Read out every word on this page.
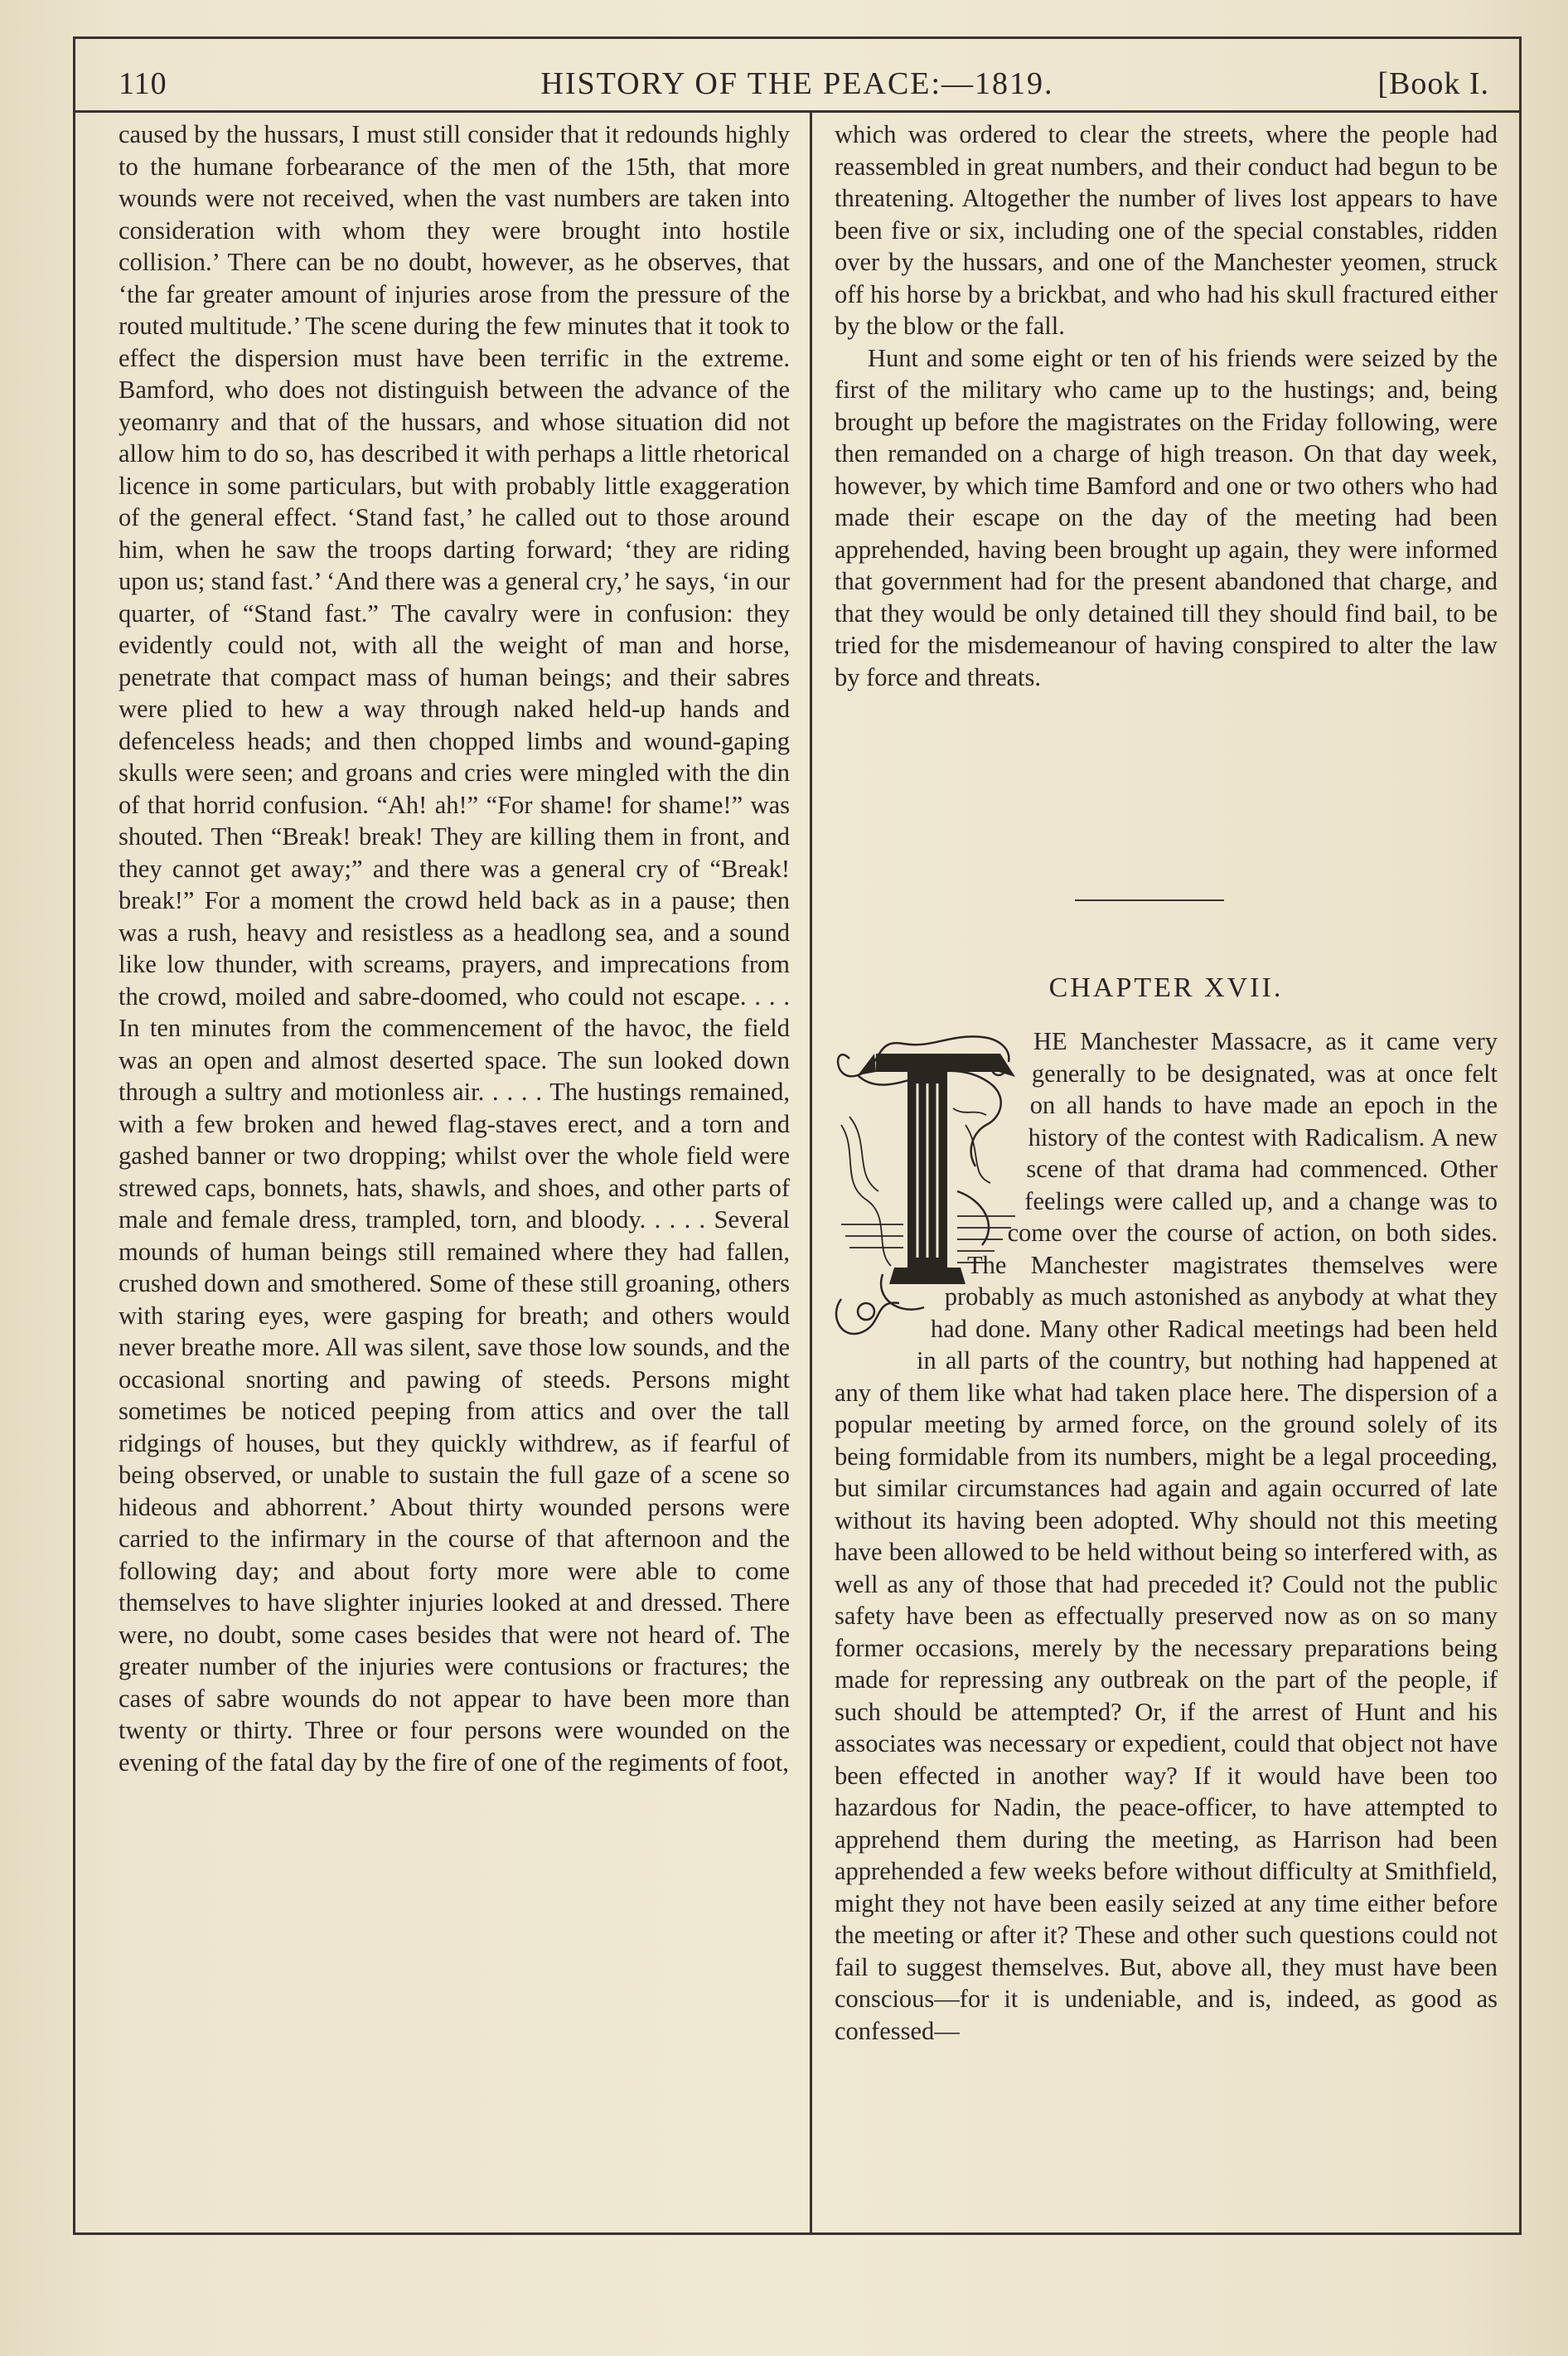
110	HISTORY OF THE PEACE:—1819.	[Book I.

caused by the hussars, I must still consider that it redounds highly to the humane forbearance of the men of the 15th, that more wounds were not received, when the vast numbers are taken into consideration with whom they were brought into hostile collision.’ There can be no doubt, however, as he observes, that ‘the far greater amount of injuries arose from the pressure of the routed multitude.’ The scene during the few minutes that it took to effect the dispersion must have been terrific in the extreme. Bamford, who does not distinguish between the advance of the yeomanry and that of the hussars, and whose situation did not allow him to do so, has described it with perhaps a little rhetorical licence in some particulars, but with probably little exaggeration of the general effect. ‘Stand fast,’ he called out to those around him, when he saw the troops darting forward; ‘they are riding upon us; stand fast.’ ‘And there was a general cry,’ he says, ‘in our quarter, of “Stand fast.” The cavalry were in confusion: they evidently could not, with all the weight of man and horse, penetrate that compact mass of human beings; and their sabres were plied to hew a way through naked held-up hands and defenceless heads; and then chopped limbs and wound-gaping skulls were seen; and groans and cries were mingled with the din of that horrid confusion. “Ah! ah!” “For shame! for shame!” was shouted. Then “Break! break! They are killing them in front, and they cannot get away;” and there was a general cry of “Break! break!” For a moment the crowd held back as in a pause; then was a rush, heavy and resistless as a headlong sea, and a sound like low thunder, with screams, prayers, and imprecations from the crowd, moiled and sabre-doomed, who could not escape. . . . In ten minutes from the commencement of the havoc, the field was an open and almost deserted space. The sun looked down through a sultry and motionless air. . . . . The hustings remained, with a few broken and hewed flag-staves erect, and a torn and gashed banner or two dropping; whilst over the whole field were strewed caps, bonnets, hats, shawls, and shoes, and other parts of male and female dress, trampled, torn, and bloody. . . . . Several mounds of human beings still remained where they had fallen, crushed down and smothered. Some of these still groaning, others with staring eyes, were gasping for breath; and others would never breathe more. All was silent, save those low sounds, and the occasional snorting and pawing of steeds. Persons might sometimes be noticed peeping from attics and over the tall ridgings of houses, but they quickly withdrew, as if fearful of being observed, or unable to sustain the full gaze of a scene so hideous and abhorrent.’ About thirty wounded persons were carried to the infirmary in the course of that afternoon and the following day; and about forty more were able to come themselves to have slighter injuries looked at and dressed. There were, no doubt, some cases besides that were not heard of. The greater number of the injuries were contusions or fractures; the cases of sabre wounds do not appear to have been more than twenty or thirty. Three or four persons were wounded on the evening of the fatal day by the fire of one of the regiments of foot,

which was ordered to clear the streets, where the people had reassembled in great numbers, and their conduct had begun to be threatening. Altogether the number of lives lost appears to have been five or six, including one of the special constables, ridden over by the hussars, and one of the Manchester yeomen, struck off his horse by a brickbat, and who had his skull fractured either by the blow or the fall.

Hunt and some eight or ten of his friends were seized by the first of the military who came up to the hustings; and, being brought up before the magistrates on the Friday following, were then remanded on a charge of high treason. On that day week, however, by which time Bamford and one or two others who had made their escape on the day of the meeting had been apprehended, having been brought up again, they were informed that government had for the present abandoned that charge, and that they would be only detained till they should find bail, to be tried for the misdemeanour of having conspired to alter the law by force and threats.

CHAPTER XVII.

HE Manchester Massacre, as it came very generally to be designated, was at once felt on all hands to have made an epoch in the history of the contest with Radicalism. A new scene of that drama had commenced. Other feelings were called up, and a change was to come over the course of action, on both sides. The Manchester magistrates themselves were probably as much astonished as anybody at what they had done. Many other Radical meetings had been held in all parts of the country, but nothing had happened at any of them like what had taken place here. The dispersion of a popular meeting by armed force, on the ground solely of its being formidable from its numbers, might be a legal proceeding, but similar circumstances had again and again occurred of late without its having been adopted. Why should not this meeting have been allowed to be held without being so interfered with, as well as any of those that had preceded it? Could not the public safety have been as effectually preserved now as on so many former occasions, merely by the necessary preparations being made for repressing any outbreak on the part of the people, if such should be attempted? Or, if the arrest of Hunt and his associates was necessary or expedient, could that object not have been effected in another way? If it would have been too hazardous for Nadin, the peace-officer, to have attempted to apprehend them during the meeting, as Harrison had been apprehended a few weeks before without difficulty at Smithfield, might they not have been easily seized at any time either before the meeting or after it? These and other such questions could not fail to suggest themselves. But, above all, they must have been conscious—for it is undeniable, and is, indeed, as good as confessed—
